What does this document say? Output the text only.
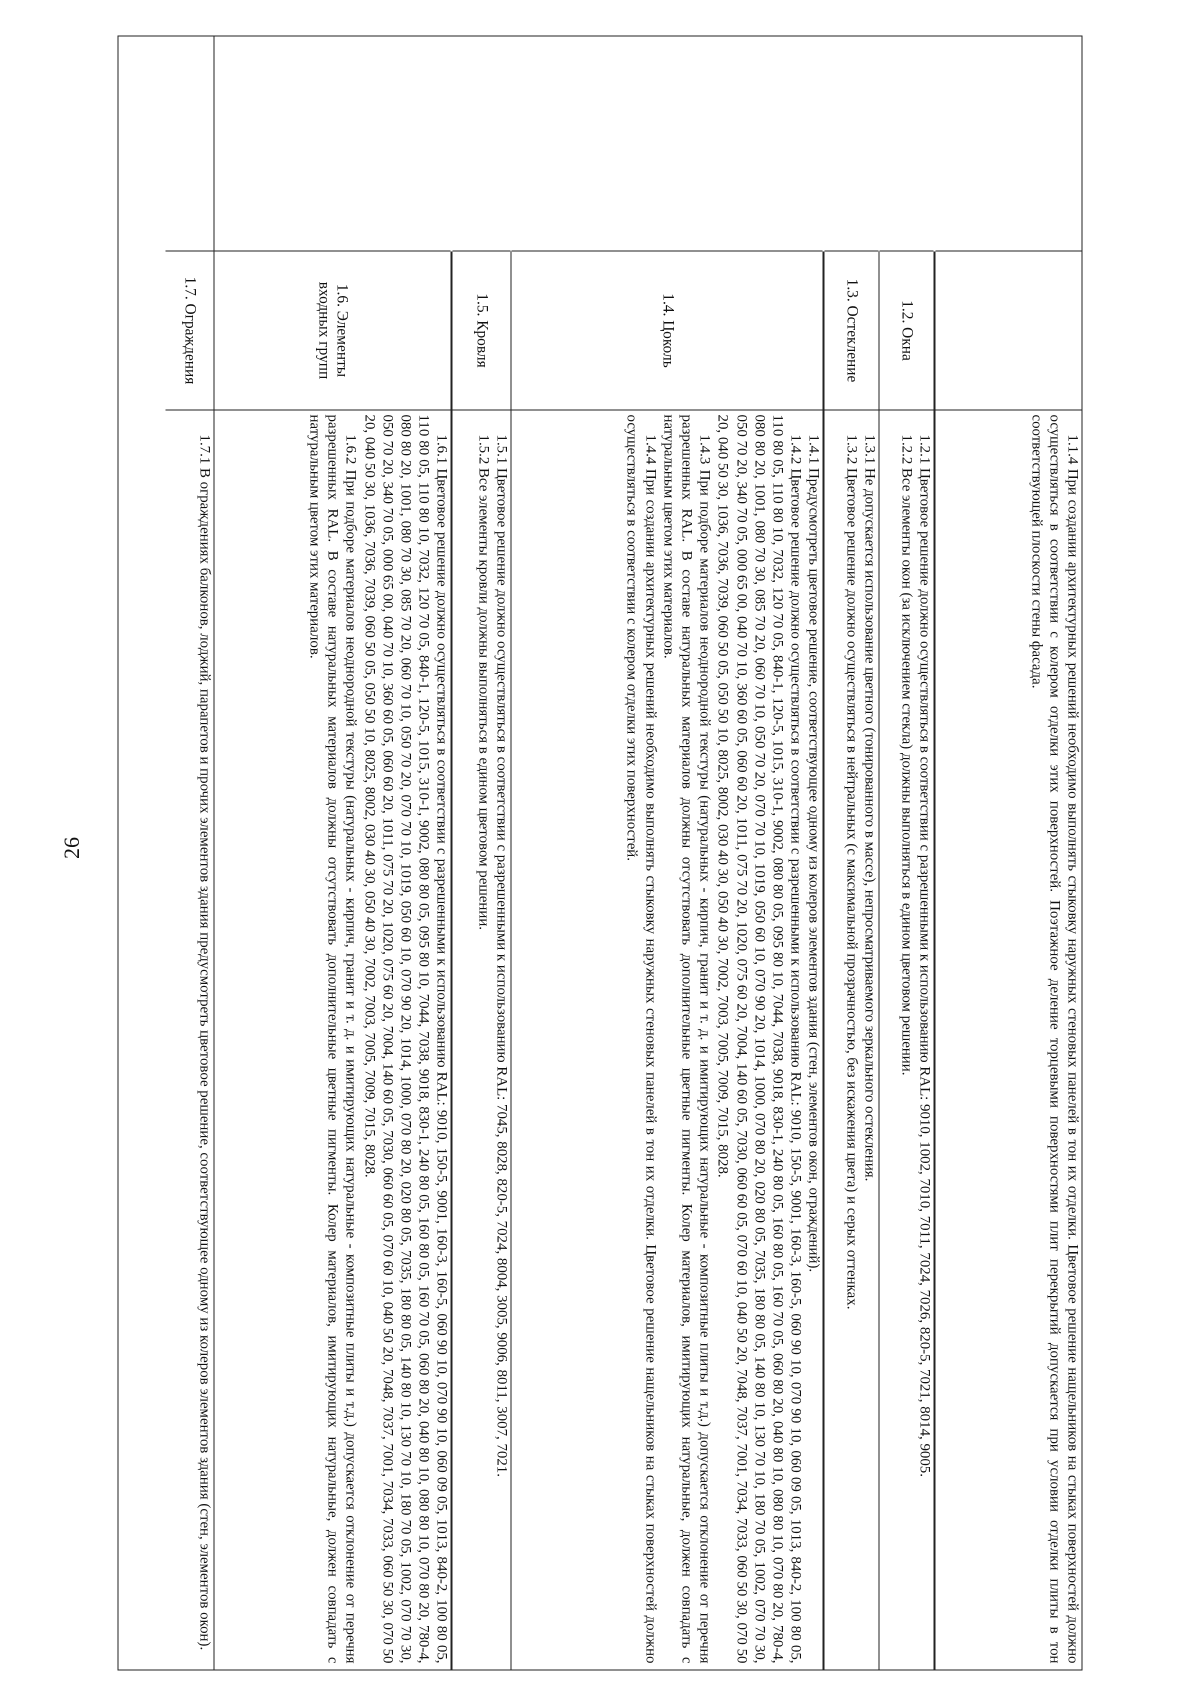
26	1.1.4 При создании архитектурных решений необходимо выполнять стыковку наружных стеновых панелей в тон их отделки. Цветовое решение нащельников на стыках поверхностей должно осуществляться в соответствии с колером отделки этих поверхностей. Поэтажное деление торцевыми поверхностями плит перекрытий допускается при условии отделки плиты в тон соответствующей плоскости стены фасада.

1.2. Окна

1.2.1 Цветовое решение должно осуществляться в соответствии с разрешенными к использованию RAL: 9010, 1002, 7010, 7011, 7024, 7026, 820-5, 7021, 8014, 9005.

1.2.2 Все элементы окон (за исключением стекла) должны выполняться в едином цветовом решении.

1.3. Остекление

1.3.1 Не допускается использование цветного (тонированного в массе), непросматриваемого зеркального остекления.

1.3.2 Цветовое решение должно осуществляться в нейтральных (с максимальной прозрачностью, без искажения цвета) и серых оттенках.

1.4. Цоколь

1.4.1 Предусмотреть цветовое решение, соответствующее одному из колеров элементов здания (стен, элементов окон, ограждений).

1.4.2 Цветовое решение должно осуществляться в соответствии с разрешенными к использованию RAL: 9010, 150-5, 9001, 160-3, 160-5, 060 90 10, 070 90 10, 060 09 05, 1013, 840-2, 100 80 05, 110 80 05, 110 80 10, 7032, 120 70 05, 840-1, 120-5, 1015, 310-1, 9002, 080 80 05, 095 80 10, 7044, 7038, 9018, 830-1, 240 80 05, 160 80 05, 160 70 05, 060 80 20, 040 80 10, 080 80 10, 070 80 20, 780-4, 080 80 20, 1001, 080 70 30, 085 70 20, 060 70 10, 050 70 20, 070 70 10, 1019, 050 60 10, 070 90 20, 1014, 1000, 070 80 20, 020 80 05, 7035, 180 80 05, 140 80 10, 130 70 10, 180 70 05, 1002, 070 70 30, 050 70 20, 340 70 05, 000 65 00, 040 70 10, 360 60 05, 060 60 20, 1011, 075 70 20, 1020, 075 60 20, 7004, 140 60 05, 7030, 060 60 05, 070 60 10, 040 50 20, 7048, 7037, 7001, 7034, 7033, 060 50 30, 070 50 20, 040 50 30, 1036, 7036, 7039, 060 50 05, 050 50 10, 8025, 8002, 030 40 30, 050 40 30, 7002, 7003, 7005, 7009, 7015, 8028.

1.4.3 При подборе материалов неоднородной текстуры (натуральных - кирпич, гранит и т. д. и имитирующих натуральные - композитные плиты и т.д.) допускается отклонение от перечня разрешенных RAL. В составе натуральных материалов должны отсутствовать дополнительные цветные пигменты. Колер материалов, имитирующих натуральные, должен совпадать с натуральным цветом этих материалов.

1.4.4 При создании архитектурных решений необходимо выполнять стыковку наружных стеновых панелей в тон их отделки. Цветовое решение нащельников на стыках поверхностей должно осуществляться в соответствии с колером отделки этих поверхностей.

1.5. Кровля

1.5.1 Цветовое решение должно осуществляться в соответствии с разрешенными к использованию RAL: 7045, 8028, 820-5, 7024, 8004, 3005, 9006, 8011, 3007, 7021.

1.5.2 Все элементы кровли должны выполняться в едином цветовом решении.

1.6. Элементы входных групп

1.6.1 Цветовое решение должно осуществляться в соответствии с разрешенными к использованию RAL: 9010, 150-5, 9001, 160-3, 160-5, 060 90 10, 070 90 10, 060 09 05, 1013, 840-2, 100 80 05, 110 80 05, 110 80 10, 7032, 120 70 05, 840-1, 120-5, 1015, 310-1, 9002, 080 80 05, 095 80 10, 7044, 7038, 9018, 830-1, 240 80 05, 160 80 05, 160 70 05, 060 80 20, 040 80 10, 080 80 10, 070 80 20, 780-4, 080 80 20, 1001, 080 70 30, 085 70 20, 060 70 10, 050 70 20, 070 70 10, 1019, 050 60 10, 070 90 20, 1014, 1000, 070 80 20, 020 80 05, 7035, 180 80 05, 140 80 10, 130 70 10, 180 70 05, 1002, 070 70 30, 050 70 20, 340 70 05, 000 65 00, 040 70 10, 360 60 05, 060 60 20, 1011, 075 70 20, 1020, 075 60 20, 7004, 140 60 05, 7030, 060 60 05, 070 60 10, 040 50 20, 7048, 7037, 7001, 7034, 7033, 060 50 30, 070 50 20, 040 50 30, 1036, 7036, 7039, 060 50 05, 050 50 10, 8025, 8002, 030 40 30, 050 40 30, 7002, 7003, 7005, 7009, 7015, 8028.

1.6.2 При подборе материалов неоднородной текстуры (натуральных - кирпич, гранит и т. д. и имитирующих натуральные - композитные плиты и т.д.) допускается отклонение от перечня разрешенных RAL. В составе натуральных материалов должны отсутствовать дополнительные цветные пигменты. Колер материалов, имитирующих натуральные, должен совпадать с натуральным цветом этих материалов.

1.7. Ограждения

1.7.1 В ограждениях балконов, лоджий, парапетов и прочих элементов здания предусмотреть цветовое решение, соответствующее одному из колеров элементов здания (стен, элементов окон).
